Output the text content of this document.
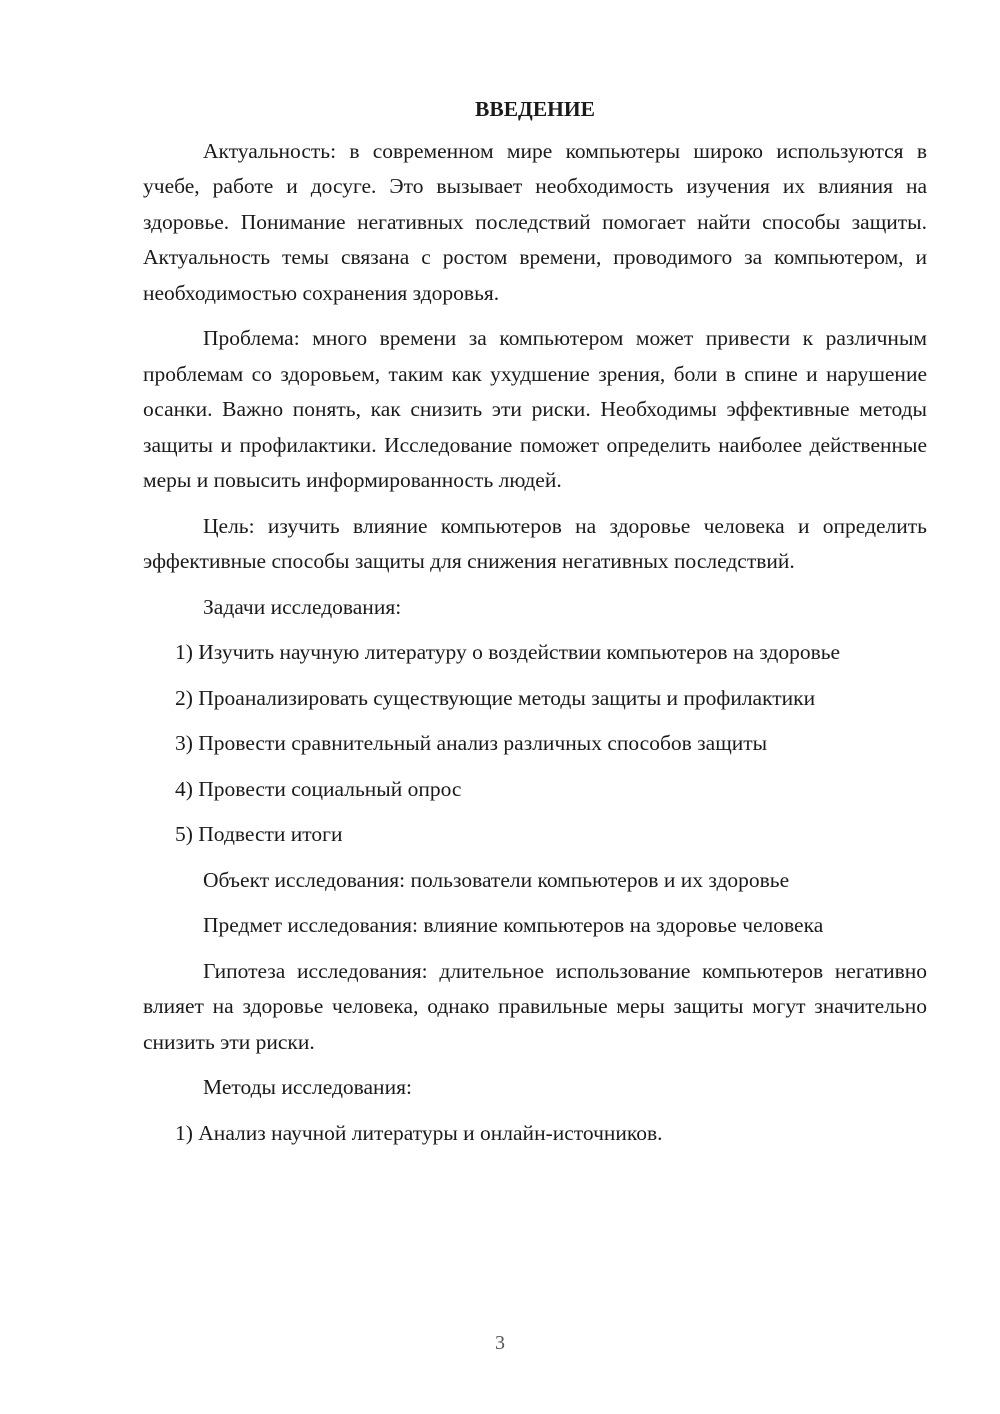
ВВЕДЕНИЕ

Актуальность: в современном мире компьютеры широко используются в учебе, работе и досуге. Это вызывает необходимость изучения их влияния на здоровье. Понимание негативных последствий помогает найти способы защиты. Актуальность темы связана с ростом времени, проводимого за компьютером, и необходимостью сохранения здоровья.

Проблема: много времени за компьютером может привести к различным проблемам со здоровьем, таким как ухудшение зрения, боли в спине и нарушение осанки. Важно понять, как снизить эти риски. Необходимы эффективные методы защиты и профилактики. Исследование поможет определить наиболее действенные меры и повысить информированность людей.

Цель: изучить влияние компьютеров на здоровье человека и определить эффективные способы защиты для снижения негативных последствий.

Задачи исследования:

1) Изучить научную литературу о воздействии компьютеров на здоровье

2) Проанализировать существующие методы защиты и профилактики

3) Провести сравнительный анализ различных способов защиты

4) Провести социальный опрос

5) Подвести итоги

Объект исследования: пользователи компьютеров и их здоровье

Предмет исследования: влияние компьютеров на здоровье человека

Гипотеза исследования: длительное использование компьютеров негативно влияет на здоровье человека, однако правильные меры защиты могут значительно снизить эти риски.

Методы исследования:

1) Анализ научной литературы и онлайн-источников.

3
